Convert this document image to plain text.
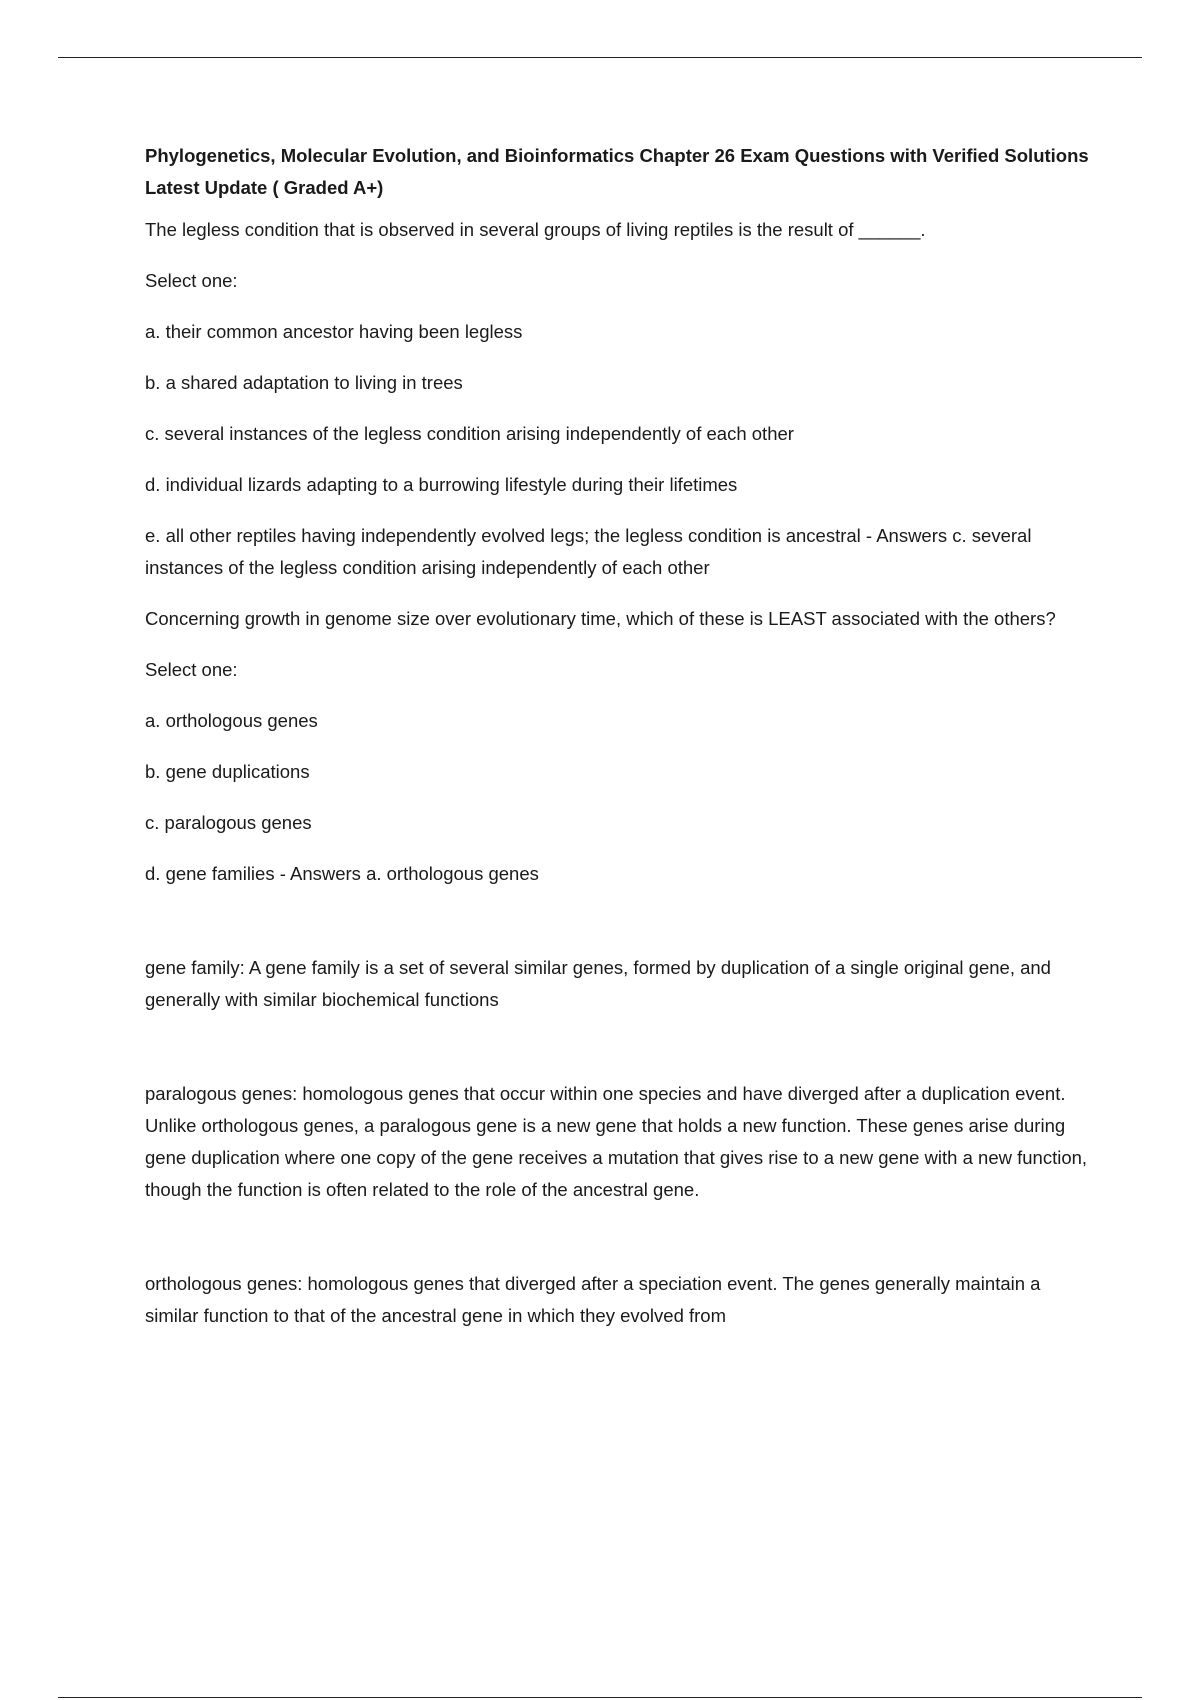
Phylogenetics, Molecular Evolution, and Bioinformatics Chapter 26 Exam Questions with Verified Solutions Latest Update ( Graded A+)
The legless condition that is observed in several groups of living reptiles is the result of ______.
Select one:
a. their common ancestor having been legless
b. a shared adaptation to living in trees
c. several instances of the legless condition arising independently of each other
d. individual lizards adapting to a burrowing lifestyle during their lifetimes
e. all other reptiles having independently evolved legs; the legless condition is ancestral - Answers c. several instances of the legless condition arising independently of each other
Concerning growth in genome size over evolutionary time, which of these is LEAST associated with the others?
Select one:
a. orthologous genes
b. gene duplications
c. paralogous genes
d. gene families - Answers a. orthologous genes
gene family: A gene family is a set of several similar genes, formed by duplication of a single original gene, and generally with similar biochemical functions
paralogous genes: homologous genes that occur within one species and have diverged after a duplication event. Unlike orthologous genes, a paralogous gene is a new gene that holds a new function. These genes arise during gene duplication where one copy of the gene receives a mutation that gives rise to a new gene with a new function, though the function is often related to the role of the ancestral gene.
orthologous genes: homologous genes that diverged after a speciation event. The genes generally maintain a similar function to that of the ancestral gene in which they evolved from
